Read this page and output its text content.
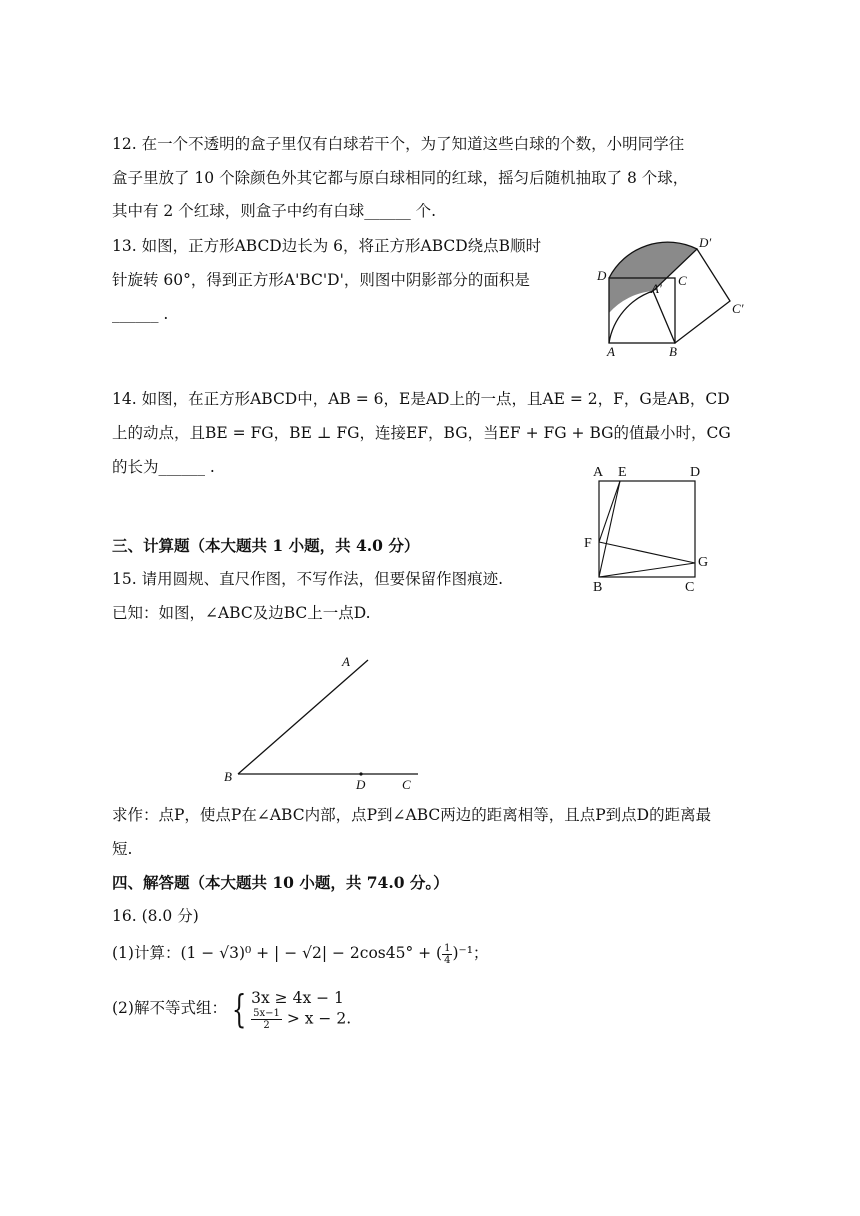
12. 在一个不透明的盒子里仅有白球若干个，为了知道这些白球的个数，小明同学往
盒子里放了 10 个除颜色外其它都与原白球相同的红球，摇匀后随机抽取了 8 个球，
其中有 2 个红球，则盒子中约有白球______ 个.
13. 如图，正方形ABCD边长为 6，将正方形ABCD绕点B顺时
针旋转 60°，得到正方形A'BC'D'，则图中阴影部分的面积是
______ .
D
D′
A′
C
C′
A	B
14. 如图，在正方形ABCD中，AB = 6，E是AD上的一点，且AE = 2，F，G是AB，CD
上的动点，且BE = FG，BE ⊥ FG，连接EF，BG，当EF + FG + BG的值最小时，CG
的长为______ .	A E	D
F
G
B	C
三、计算题（本大题共 1 小题，共 4.0 分）
15. 请用圆规、直尺作图，不写作法，但要保留作图痕迹.
已知：如图，∠ABC及边BC上一点D.
A
B
D	C
求作：点P，使点P在∠ABC内部，点P到∠ABC两边的距离相等，且点P到点D的距离最
短.
四、解答题（本大题共 10 小题，共 74.0 分。）
16. (8.0 分)
(1)计算：(1 − √3)⁰ + | − √2| − 2cos45° + ( $\frac{1}{4} )^{-1}$；
(2)解不等式组： { 3x ≥ 4x − 1
$\frac{5x-1}{2} > x - 2$.
